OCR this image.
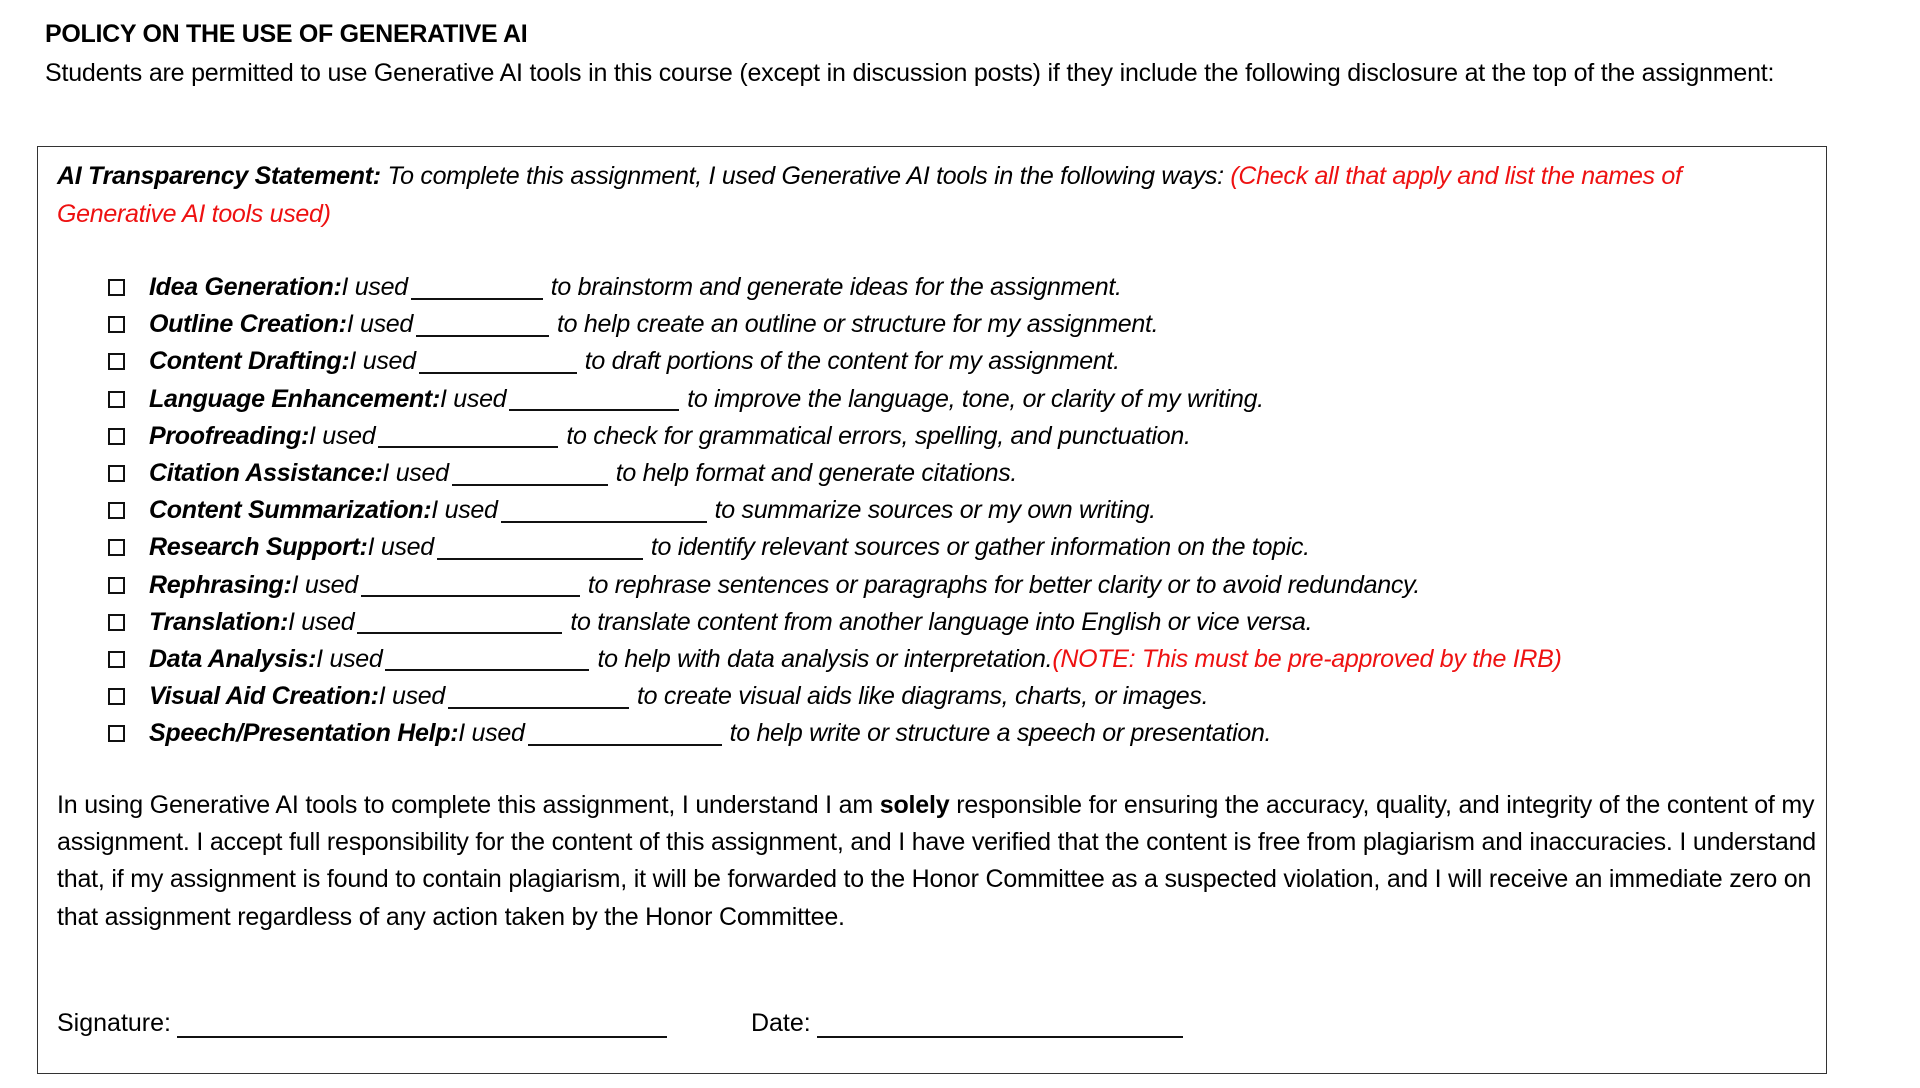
POLICY ON THE USE OF GENERATIVE AI
Students are permitted to use Generative AI tools in this course (except in discussion posts) if they include the following disclosure at the top of the assignment:
AI Transparency Statement: To complete this assignment, I used Generative AI tools in the following ways: (Check all that apply and list the names of Generative AI tools used)
Idea Generation: I used	to brainstorm and generate ideas for the assignment.
Outline Creation: I used	to help create an outline or structure for my assignment.
Content Drafting: I used	to draft portions of the content for my assignment.
Language Enhancement: I used	to improve the language, tone, or clarity of my writing.
Proofreading: I used	to check for grammatical errors, spelling, and punctuation.
Citation Assistance: I used	to help format and generate citations.
Content Summarization: I used	to summarize sources or my own writing.
Research Support: I used	to identify relevant sources or gather information on the topic.
Rephrasing: I used	to rephrase sentences or paragraphs for better clarity or to avoid redundancy.
Translation: I used	to translate content from another language into English or vice versa.
Data Analysis: I used	to help with data analysis or interpretation. (NOTE: This must be pre-approved by the IRB)
Visual Aid Creation: I used	to create visual aids like diagrams, charts, or images.
Speech/Presentation Help: I used	to help write or structure a speech or presentation.
In using Generative AI tools to complete this assignment, I understand I am solely responsible for ensuring the accuracy, quality, and integrity of the content of my assignment. I accept full responsibility for the content of this assignment, and I have verified that the content is free from plagiarism and inaccuracies. I understand that, if my assignment is found to contain plagiarism, it will be forwarded to the Honor Committee as a suspected violation, and I will receive an immediate zero on that assignment regardless of any action taken by the Honor Committee.
Signature:	Date:
